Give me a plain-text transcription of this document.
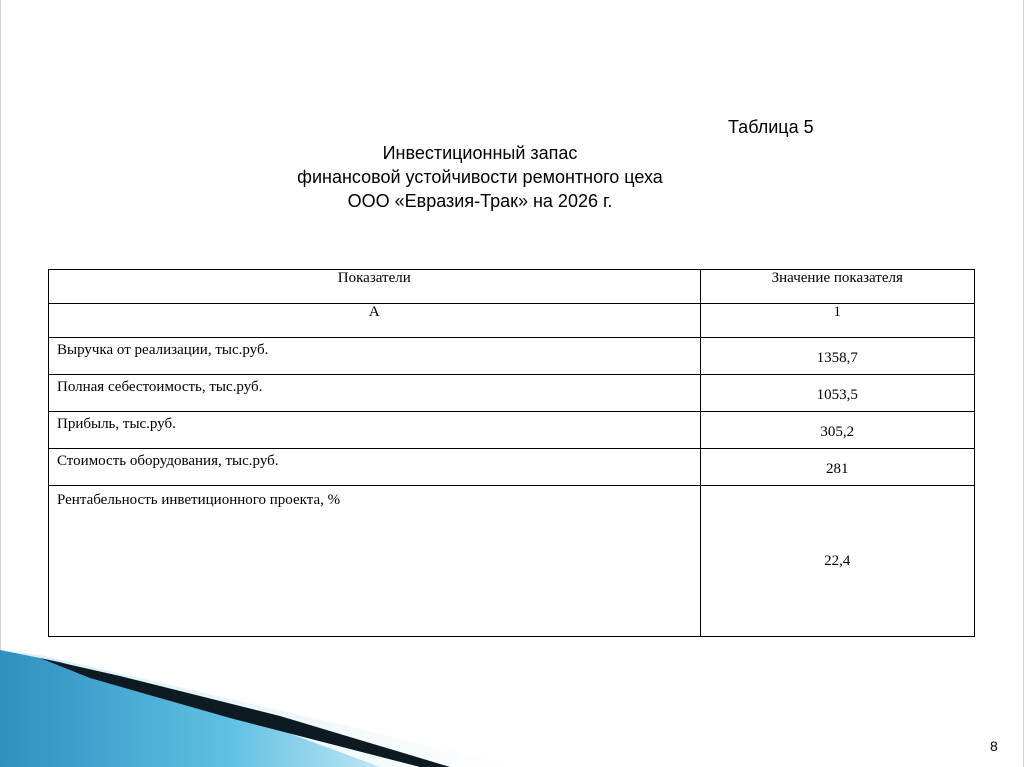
Таблица 5
Инвестиционный запас
финансовой устойчивости ремонтного цеха
ООО «Евразия-Трак» на 2026 г.
Показатели	Значение показателя
А	1
Выручка от реализации, тыс.руб.	1358,7
Полная себестоимость, тыс.руб.	1053,5
Прибыль, тыс.руб.	305,2
Стоимость оборудования, тыс.руб.	281
Рентабельность инветиционного проекта, %	22,4
8
